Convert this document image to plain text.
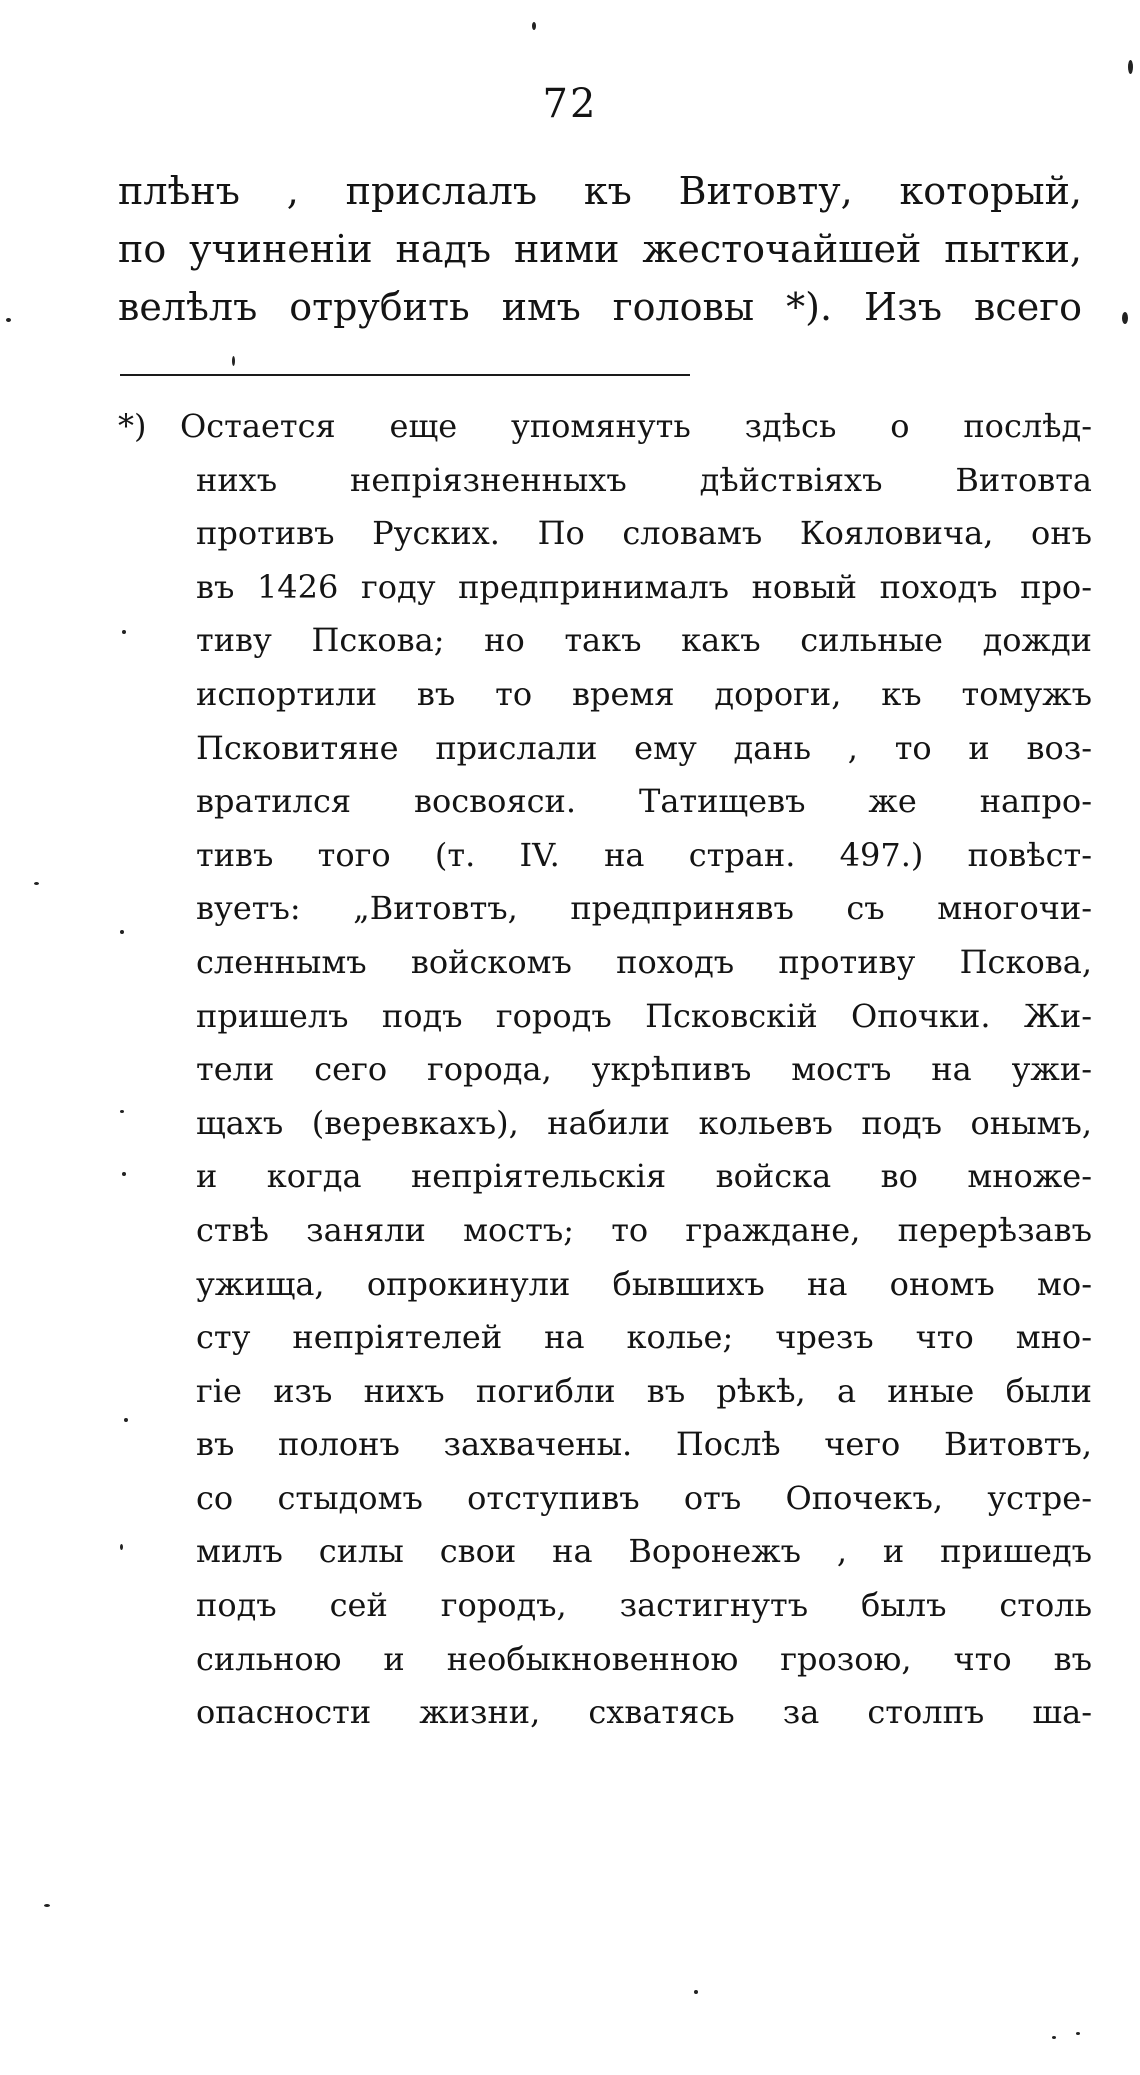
72
плѣнъ , прислалъ къ Витовту, который,
по учиненіи надъ ними жесточайшей пытки,
велѣлъ отрубить имъ головы *). Изъ всего
*) Остается еще упомянуть здѣсь о послѣд-
нихъ непріязненныхъ дѣйствіяхъ Витовта
противъ Руских. По словамъ Кояловича, онъ
въ 1426 году предпринималъ новый походъ про-
тиву Пскова; но такъ какъ сильные дожди
испортили въ то время дороги, къ томужъ
Псковитяне прислали ему дань , то и воз-
вратился восвояси. Татищевъ же напро-
тивъ того (т. IV. на стран. 497.) повѣст-
вуетъ: „Витовтъ, предпринявъ съ многочи-
сленнымъ войскомъ походъ противу Пскова,
пришелъ подъ городъ Псковскій Опочки. Жи-
тели сего города, укрѣпивъ мостъ на ужи-
щахъ (веревкахъ), набили кольевъ подъ онымъ,
и когда непріятельскія войска во множе-
ствѣ заняли мостъ; то граждане, перерѣзавъ
ужища, опрокинули бывшихъ на ономъ мо-
сту непріятелей на колье; чрезъ что мно-
гіе изъ нихъ погибли въ рѣкѣ, а иные были
въ полонъ захвачены. Послѣ чего Витовтъ,
со стыдомъ отступивъ отъ Опочекъ, устре-
милъ силы свои на Воронежъ , и пришедъ
подъ сей городъ, застигнутъ былъ столь
сильною и необыкновенною грозою, что въ
опасности жизни, схватясь за столпъ ша-
